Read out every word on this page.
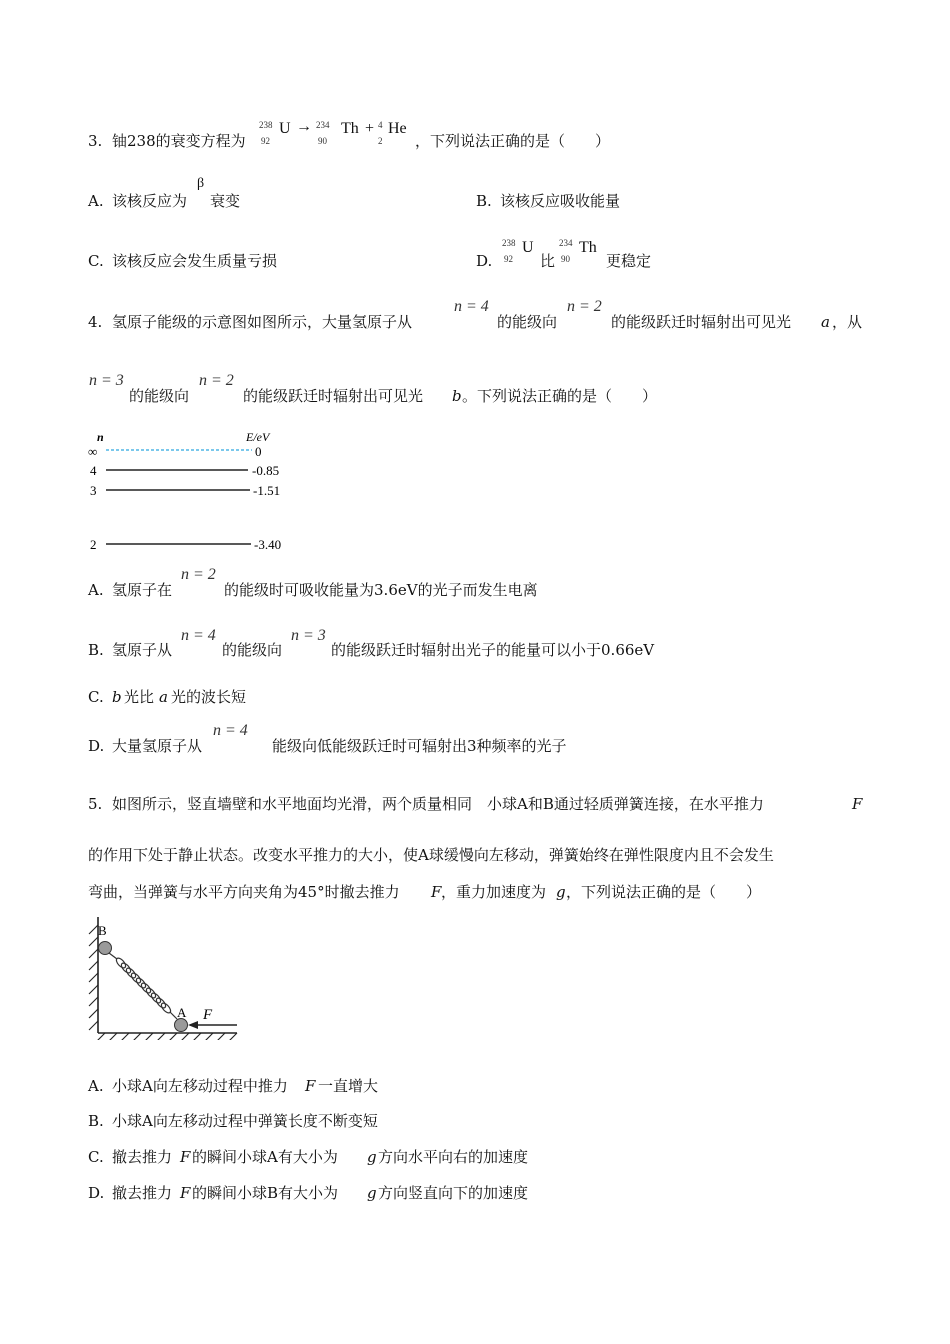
3. 铀238的衰变方程为
238
92
U → 234
90
Th + 4
2
He
，下列说法正确的是（　　）
A. 该核反应为
β
衰变	B. 该核反应吸收能量
C. 该核反应会发生质量亏损	D.
238
92
U
比
234
90
Th
更稳定
4. 氢原子能级的示意图如图所示，大量氢原子从
n = 4
的能级向
n = 2
的能级跃迁时辐射出可见光 a ，从
n = 3
的能级向
n = 2
的能级跃迁时辐射出可见光 b 。下列说法正确的是（　　）
n	E/eV
∞	0
4	-0.85
3	-1.51
2	-3.40
A. 氢原子在
n = 2
的能级时可吸收能量为3.6eV的光子而发生电离
B. 氢原子从
n = 4
的能级向
n = 3
的能级跃迁时辐射出光子的能量可以小于0.66eV
C. b 光比 a 光的波长短
D. 大量氢原子从
n = 4
能级向低能级跃迁时可辐射出3种频率的光子
5. 如图所示，竖直墙壁和水平地面均光滑，两个质量相同　小球A和B通过轻质弹簧连接，在水平推力	F
的作用下处于静止状态。改变水平推力的大小，使A球缓慢向左移动，弹簧始终在弹性限度内且不会发生
弯曲，当弹簧与水平方向夹角为45°时撤去推力 F ，重力加速度为 g ，下列说法正确的是（　　）
B
A F
A. 小球A向左移动过程中推力 F 一直增大
B. 小球A向左移动过程中弹簧长度不断变短
C. 撤去推力 F 的瞬间小球A有大小为 g 方向水平向右的加速度
D. 撤去推力 F 的瞬间小球B有大小为 g 方向竖直向下的加速度
